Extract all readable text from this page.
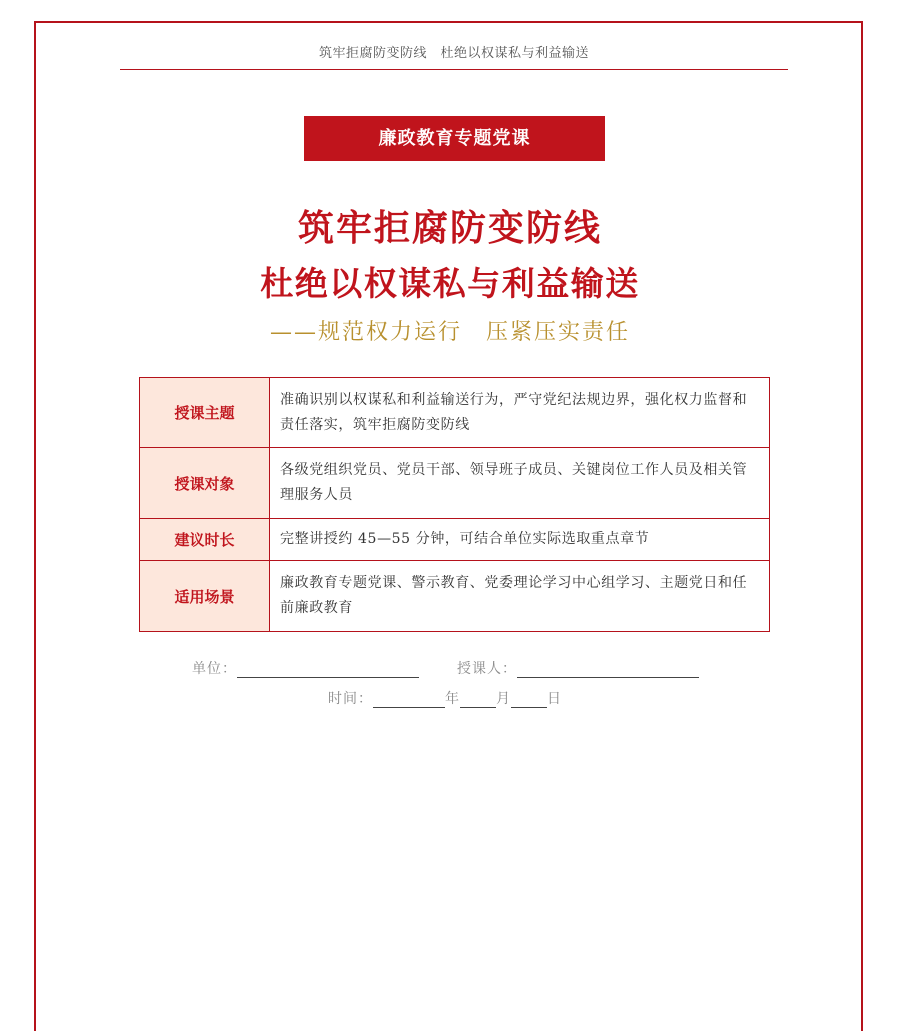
筑牢拒腐防变防线　杜绝以权谋私与利益输送
廉政教育专题党课
筑牢拒腐防变防线
杜绝以权谋私与利益输送
——规范权力运行　压紧压实责任
授课主题	准确识别以权谋私和利益输送行为，严守党纪法规边界，强化权力监督和责任落实，筑牢拒腐防变防线
授课对象	各级党组织党员、党员干部、领导班子成员、关键岗位工作人员及相关管理服务人员
建议时长	完整讲授约 45—55 分钟，可结合单位实际选取重点章节
适用场景	廉政教育专题党课、警示教育、党委理论学习中心组学习、主题党日和任前廉政教育
单位：	授课人：
时间：	年	月	日
